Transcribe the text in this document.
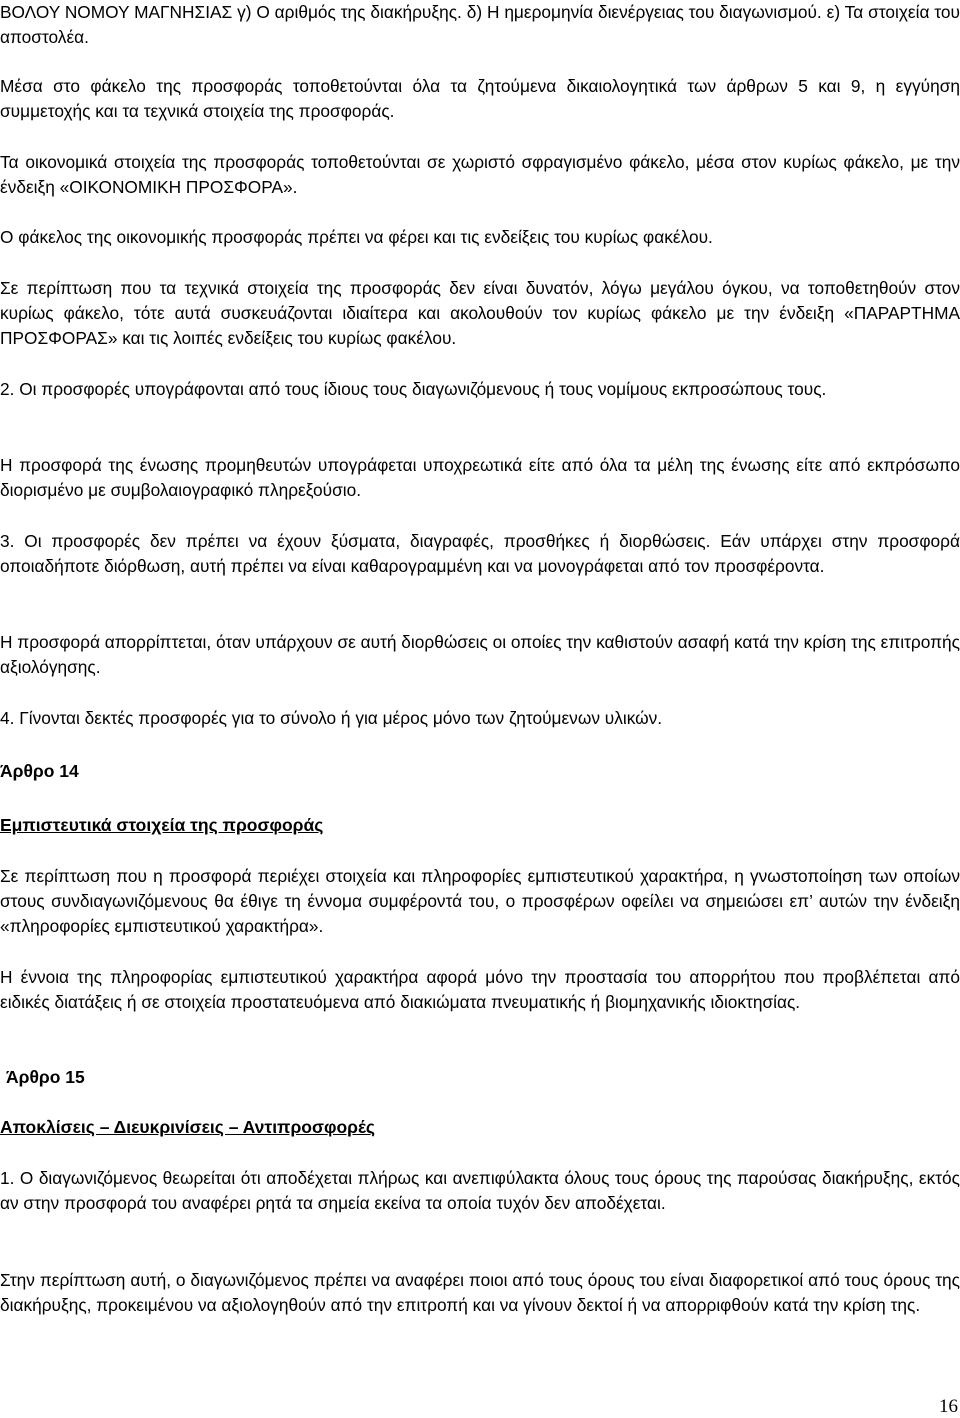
ΒΟΛΟΥ ΝΟΜΟΥ ΜΑΓΝΗΣΙΑΣ γ) Ο αριθμός της διακήρυξης. δ) Η ημερομηνία διενέργειας του διαγωνισμού. ε) Τα στοιχεία του αποστολέα.

Μέσα στο φάκελο της προσφοράς τοποθετούνται όλα τα ζητούμενα δικαιολογητικά των άρθρων 5 και 9, η εγγύηση συμμετοχής και τα τεχνικά στοιχεία της προσφοράς.

Τα οικονομικά στοιχεία της προσφοράς τοποθετούνται σε χωριστό σφραγισμένο φάκελο, μέσα στον κυρίως φάκελο, με την ένδειξη «ΟΙΚΟΝΟΜΙΚΗ ΠΡΟΣΦΟΡΑ».

Ο φάκελος της οικονομικής προσφοράς πρέπει να φέρει και τις ενδείξεις του κυρίως φακέλου.

Σε περίπτωση που τα τεχνικά στοιχεία της προσφοράς δεν είναι δυνατόν, λόγω μεγάλου όγκου, να τοποθετηθούν στον κυρίως φάκελο, τότε αυτά συσκευάζονται ιδιαίτερα και ακολουθούν τον κυρίως φάκελο με την ένδειξη «ΠΑΡΑΡΤΗΜΑ ΠΡΟΣΦΟΡΑΣ» και τις λοιπές ενδείξεις του κυρίως φακέλου.

2. Οι προσφορές υπογράφονται από τους ίδιους τους διαγωνιζόμενους ή τους νομίμους εκπροσώπους τους.

Η προσφορά της ένωσης προμηθευτών υπογράφεται υποχρεωτικά είτε από όλα τα μέλη της ένωσης είτε από εκπρόσωπο διορισμένο με συμβολαιογραφικό πληρεξούσιο.

3. Οι προσφορές δεν πρέπει να έχουν ξύσματα, διαγραφές, προσθήκες ή διορθώσεις. Εάν υπάρχει στην προσφορά οποιαδήποτε διόρθωση, αυτή πρέπει να είναι καθαρογραμμένη και να μονογράφεται από τον προσφέροντα.

Η προσφορά απορρίπτεται, όταν υπάρχουν σε αυτή διορθώσεις οι οποίες την καθιστούν ασαφή κατά την κρίση της επιτροπής αξιολόγησης.

4. Γίνονται δεκτές προσφορές για το σύνολο ή για μέρος μόνο των ζητούμενων υλικών.

Άρθρο 14

Εμπιστευτικά στοιχεία της προσφοράς

Σε περίπτωση που η προσφορά περιέχει στοιχεία και πληροφορίες εμπιστευτικού χαρακτήρα, η γνωστοποίηση των οποίων στους συνδιαγωνιζόμενους θα έθιγε τη έννομα συμφέροντά του, ο προσφέρων οφείλει να σημειώσει επ’ αυτών την ένδειξη «πληροφορίες εμπιστευτικού χαρακτήρα».

Η έννοια της πληροφορίας εμπιστευτικού χαρακτήρα αφορά μόνο την προστασία του απορρήτου που προβλέπεται από ειδικές διατάξεις ή σε στοιχεία προστατευόμενα από διακιώματα πνευματικής ή βιομηχανικής ιδιοκτησίας.

Άρθρο 15

Αποκλίσεις – Διευκρινίσεις – Αντιπροσφορές

1. Ο διαγωνιζόμενος θεωρείται ότι αποδέχεται πλήρως και ανεπιφύλακτα όλους τους όρους της παρούσας διακήρυξης, εκτός αν στην προσφορά του αναφέρει ρητά τα σημεία εκείνα τα οποία τυχόν δεν αποδέχεται.

Στην περίπτωση αυτή, ο διαγωνιζόμενος πρέπει να αναφέρει ποιοι από τους όρους του είναι διαφορετικοί από τους όρους της διακήρυξης, προκειμένου να αξιολογηθούν από την επιτροπή και να γίνουν δεκτοί ή να απορριφθούν κατά την κρίση της.

16
